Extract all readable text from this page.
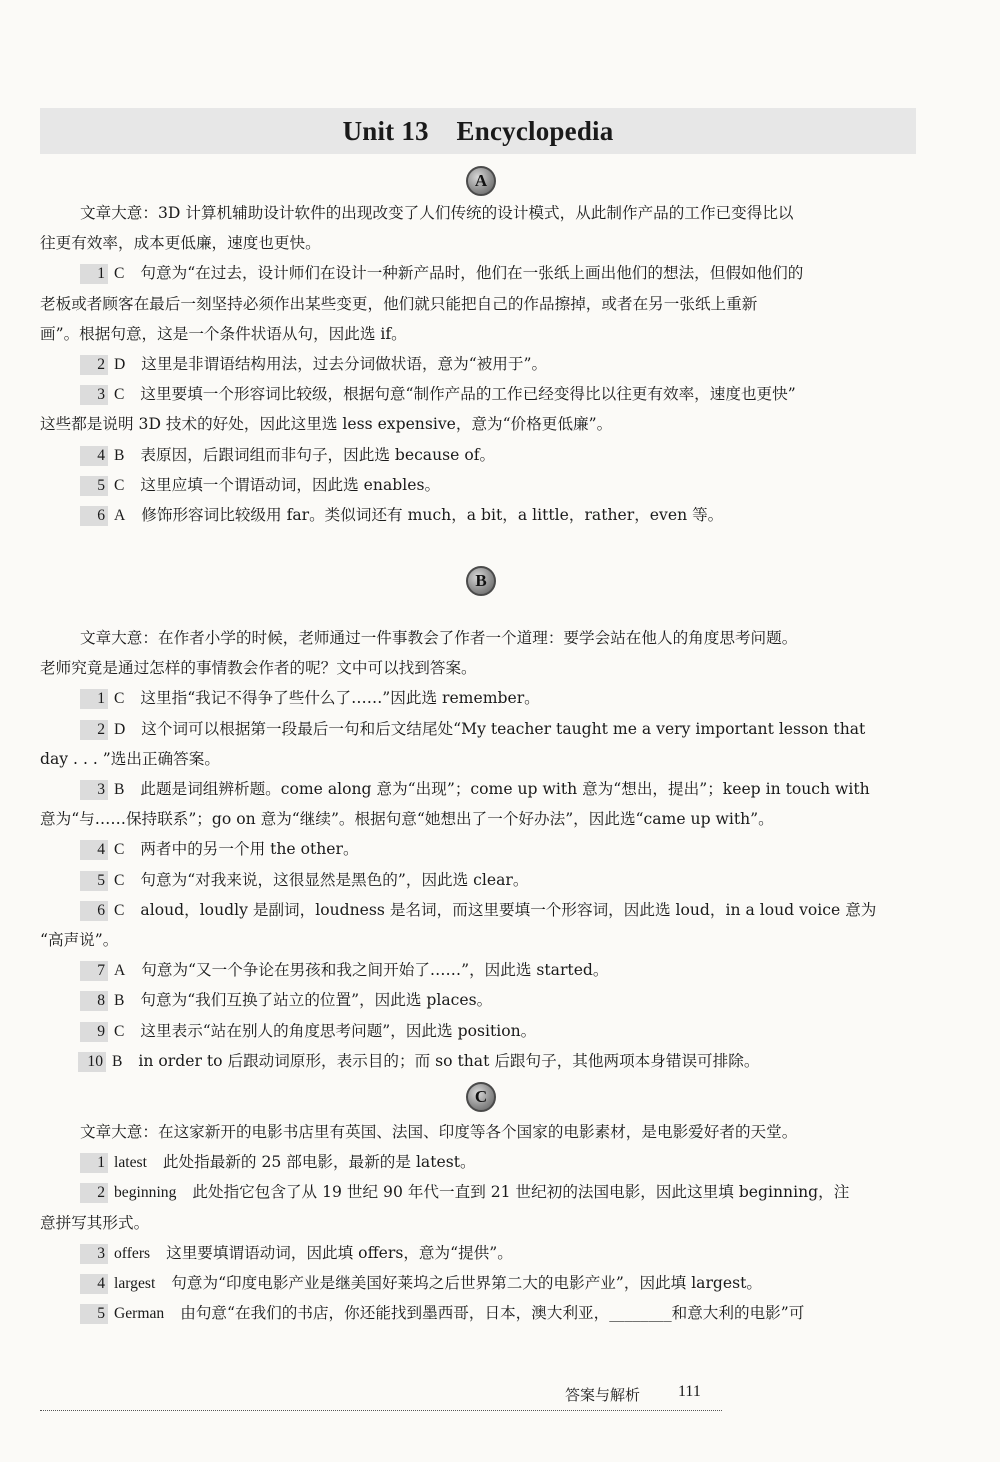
Unit 13    Encyclopedia
A
文章大意：3D 计算机辅助设计软件的出现改变了人们传统的设计模式，从此制作产品的工作已变得比以
往更有效率，成本更低廉，速度也更快。
1 C 句意为“在过去，设计师们在设计一种新产品时，他们在一张纸上画出他们的想法，但假如他们的
老板或者顾客在最后一刻坚持必须作出某些变更，他们就只能把自己的作品擦掉，或者在另一张纸上重新
画”。根据句意，这是一个条件状语从句，因此选 if。
2 D 这里是非谓语结构用法，过去分词做状语，意为“被用于”。
3 C 这里要填一个形容词比较级，根据句意“制作产品的工作已经变得比以往更有效率，速度也更快”
这些都是说明 3D 技术的好处，因此这里选 less expensive，意为“价格更低廉”。
4 B 表原因，后跟词组而非句子，因此选 because of。
5 C 这里应填一个谓语动词，因此选 enables。
6 A 修饰形容词比较级用 far。类似词还有 much，a bit，a little，rather，even 等。
B
文章大意：在作者小学的时候，老师通过一件事教会了作者一个道理：要学会站在他人的角度思考问题。
老师究竟是通过怎样的事情教会作者的呢？文中可以找到答案。
1 C 这里指“我记不得争了些什么了……”因此选 remember。
2 D 这个词可以根据第一段最后一句和后文结尾处“My teacher taught me a very important lesson that
day . . . ”选出正确答案。
3 B 此题是词组辨析题。come along 意为“出现”；come up with 意为“想出，提出”；keep in touch with
意为“与……保持联系”；go on 意为“继续”。根据句意“她想出了一个好办法”，因此选“came up with”。
4 C 两者中的另一个用 the other。
5 C 句意为“对我来说，这很显然是黑色的”，因此选 clear。
6 C aloud，loudly 是副词，loudness 是名词，而这里要填一个形容词，因此选 loud，in a loud voice 意为
“高声说”。
7 A 句意为“又一个争论在男孩和我之间开始了……”，因此选 started。
8 B 句意为“我们互换了站立的位置”，因此选 places。
9 C 这里表示“站在别人的角度思考问题”，因此选 position。
10 B in order to 后跟动词原形，表示目的；而 so that 后跟句子，其他两项本身错误可排除。
C
文章大意：在这家新开的电影书店里有英国、法国、印度等各个国家的电影素材，是电影爱好者的天堂。
1 latest 此处指最新的 25 部电影，最新的是 latest。
2 beginning 此处指它包含了从 19 世纪 90 年代一直到 21 世纪初的法国电影，因此这里填 beginning，注
意拼写其形式。
3 offers 这里要填谓语动词，因此填 offers，意为“提供”。
4 largest 句意为“印度电影产业是继美国好莱坞之后世界第二大的电影产业”，因此填 largest。
5 German 由句意“在我们的书店，你还能找到墨西哥，日本，澳大利亚，________和意大利的电影”可
答案与解析 111
